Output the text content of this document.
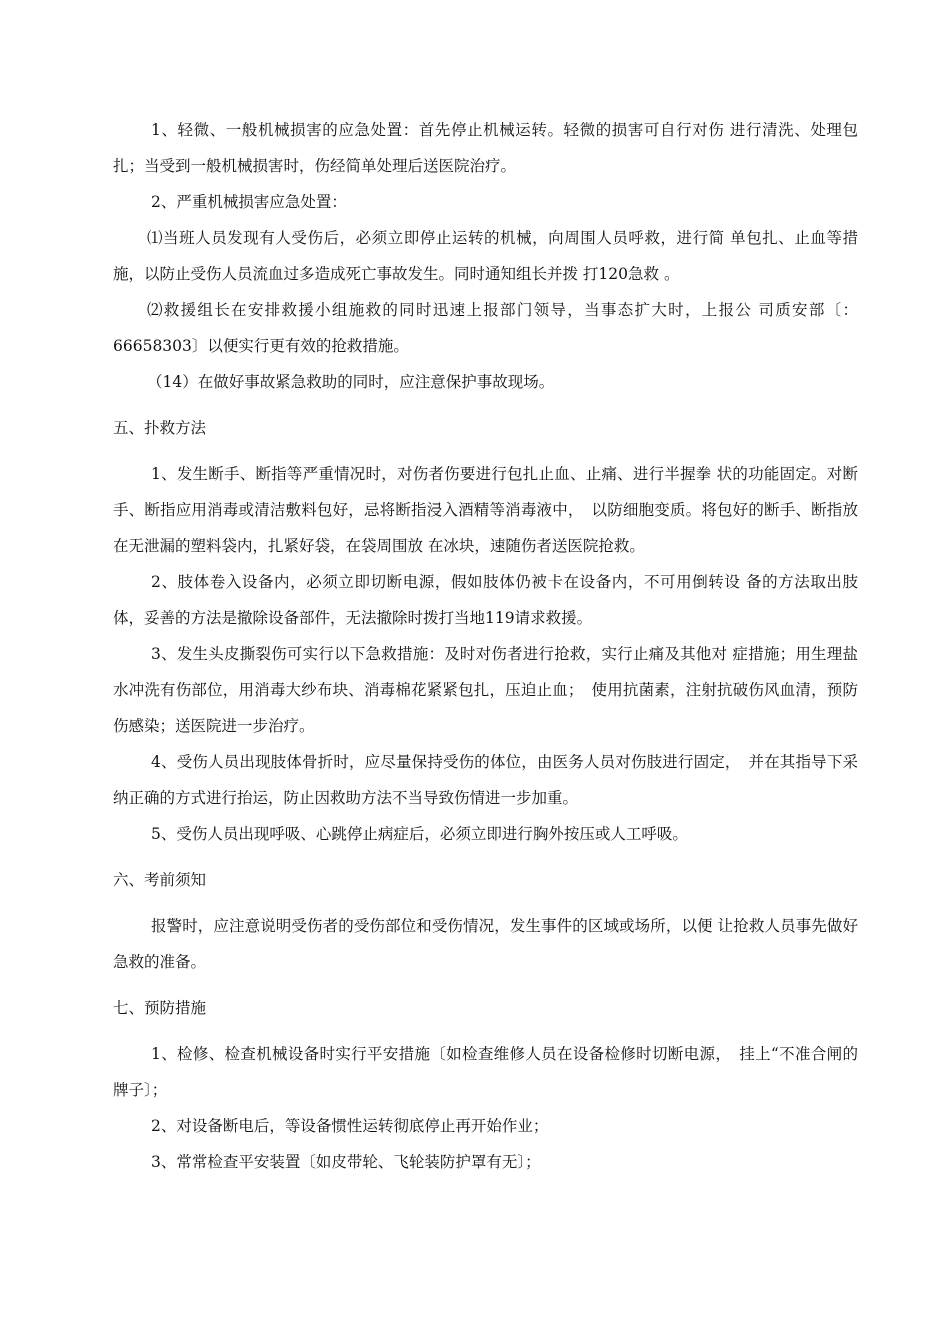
1、轻微、一般机械损害的应急处置：首先停止机械运转。轻微的损害可自行对伤 进行清洗、处理包扎；当受到一般机械损害时，伤经简单处理后送医院治疗。

2、严重机械损害应急处置：

⑴当班人员发现有人受伤后，必须立即停止运转的机械，向周围人员呼救，进行简 单包扎、止血等措施，以防止受伤人员流血过多造成死亡事故发生。同时通知组长并拨 打120急救 。

⑵救援组长在安排救援小组施救的同时迅速上报部门领导，当事态扩大时，上报公 司质安部〔：66658303〕以便实行更有效的抢救措施。

（14）在做好事故紧急救助的同时，应注意保护事故现场。

五、扑救方法

1、发生断手、断指等严重情况时，对伤者伤要进行包扎止血、止痛、进行半握拳 状的功能固定。对断手、断指应用消毒或清洁敷料包好，忌将断指浸入酒精等消毒液中，　以防细胞变质。将包好的断手、断指放在无泄漏的塑料袋内，扎紧好袋，在袋周围放 在冰块，速随伤者送医院抢救。

2、肢体卷入设备内，必须立即切断电源，假如肢体仍被卡在设备内，不可用倒转设 备的方法取出肢体，妥善的方法是撤除设备部件，无法撤除时拨打当地119请求救援。

3、发生头皮撕裂伤可实行以下急救措施：及时对伤者进行抢救，实行止痛及其他对 症措施；用生理盐水冲洗有伤部位，用消毒大纱布块、消毒棉花紧紧包扎，压迫止血；　使用抗菌素，注射抗破伤风血清，预防伤感染；送医院进一步治疗。

4、受伤人员出现肢体骨折时，应尽量保持受伤的体位，由医务人员对伤肢进行固定，　并在其指导下采纳正确的方式进行抬运，防止因救助方法不当导致伤情进一步加重。

5、受伤人员出现呼吸、心跳停止病症后，必须立即进行胸外按压或人工呼吸。

六、考前须知

报警时，应注意说明受伤者的受伤部位和受伤情况，发生事件的区域或场所，以便 让抢救人员事先做好急救的准备。

七、预防措施

1、检修、检查机械设备时实行平安措施〔如检查维修人员在设备检修时切断电源，　挂上“不准合闸的牌子〕；

2、对设备断电后，等设备惯性运转彻底停止再开始作业；

3、常常检查平安装置〔如皮带轮、飞轮装防护罩有无〕；
